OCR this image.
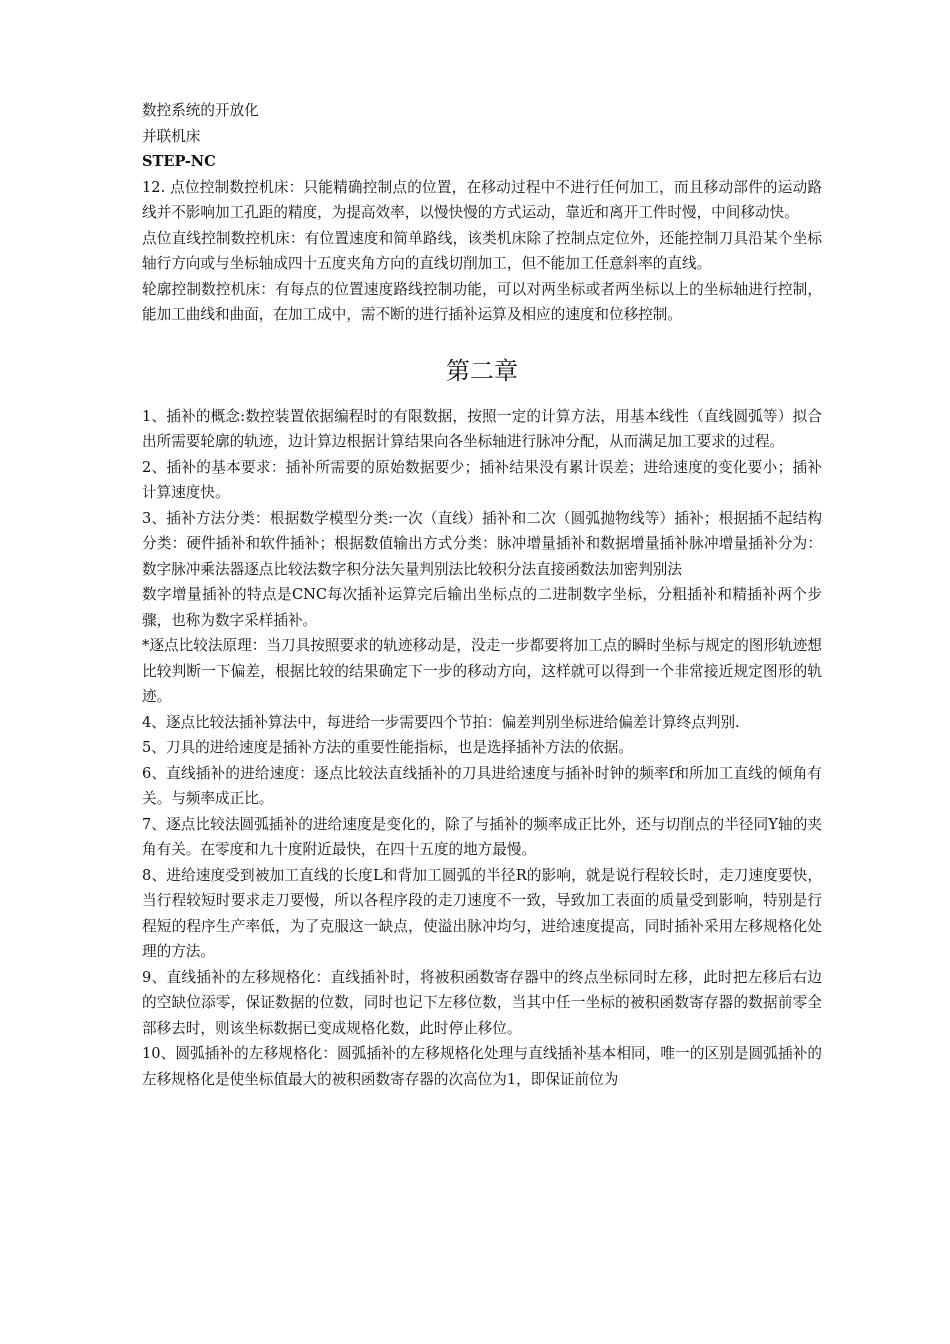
数控系统的开放化

并联机床

STEP-NC

12. 点位控制数控机床：只能精确控制点的位置，在移动过程中不进行任何加工，而且移动部件的运动路线并不影响加工孔距的精度，为提高效率，以慢快慢的方式运动，靠近和离开工件时慢，中间移动快。

点位直线控制数控机床：有位置速度和简单路线，该类机床除了控制点定位外，还能控制刀具沿某个坐标轴行方向或与坐标轴成四十五度夹角方向的直线切削加工，但不能加工任意斜率的直线。

轮廓控制数控机床：有每点的位置速度路线控制功能，可以对两坐标或者两坐标以上的坐标轴进行控制，能加工曲线和曲面，在加工成中，需不断的进行插补运算及相应的速度和位移控制。

第二章

1、插补的概念:数控装置依据编程时的有限数据，按照一定的计算方法，用基本线性（直线圆弧等）拟合出所需要轮廓的轨迹，边计算边根据计算结果向各坐标轴进行脉冲分配，从而满足加工要求的过程。

2、插补的基本要求：插补所需要的原始数据要少；插补结果没有累计误差；进给速度的变化要小；插补计算速度快。

3、插补方法分类：根据数学模型分类:一次（直线）插补和二次（圆弧抛物线等）插补；根据插不起结构分类：硬件插补和软件插补；根据数值输出方式分类：脉冲增量插补和数据增量插补脉冲增量插补分为：数字脉冲乘法器逐点比较法数字积分法矢量判别法比较积分法直接函数法加密判别法

数字增量插补的特点是CNC每次插补运算完后输出坐标点的二进制数字坐标，分粗插补和精插补两个步骤，也称为数字采样插补。

*逐点比较法原理：当刀具按照要求的轨迹移动是，没走一步都要将加工点的瞬时坐标与规定的图形轨迹想比较判断一下偏差，根据比较的结果确定下一步的移动方向，这样就可以得到一个非常接近规定图形的轨迹。

4、逐点比较法插补算法中，每进给一步需要四个节拍：偏差判别坐标进给偏差计算终点判别.

5、刀具的进给速度是插补方法的重要性能指标，也是选择插补方法的依据。

6、直线插补的进给速度：逐点比较法直线插补的刀具进给速度与插补时钟的频率f和所加工直线的倾角有关。与频率成正比。

7、逐点比较法圆弧插补的进给速度是变化的，除了与插补的频率成正比外，还与切削点的半径同Y轴的夹角有关。在零度和九十度附近最快，在四十五度的地方最慢。

8、进给速度受到被加工直线的长度L和背加工圆弧的半径R的影响，就是说行程较长时，走刀速度要快，当行程较短时要求走刀要慢，所以各程序段的走刀速度不一致，导致加工表面的质量受到影响，特别是行程短的程序生产率低，为了克服这一缺点，使溢出脉冲均匀，进给速度提高，同时插补采用左移规格化处理的方法。

9、直线插补的左移规格化：直线插补时，将被积函数寄存器中的终点坐标同时左移，此时把左移后右边的空缺位添零，保证数据的位数，同时也记下左移位数，当其中任一坐标的被积函数寄存器的数据前零全部移去时，则该坐标数据已变成规格化数，此时停止移位。

10、圆弧插补的左移规格化：圆弧插补的左移规格化处理与直线插补基本相同，唯一的区别是圆弧插补的左移规格化是使坐标值最大的被积函数寄存器的次高位为1，即保证前位为
